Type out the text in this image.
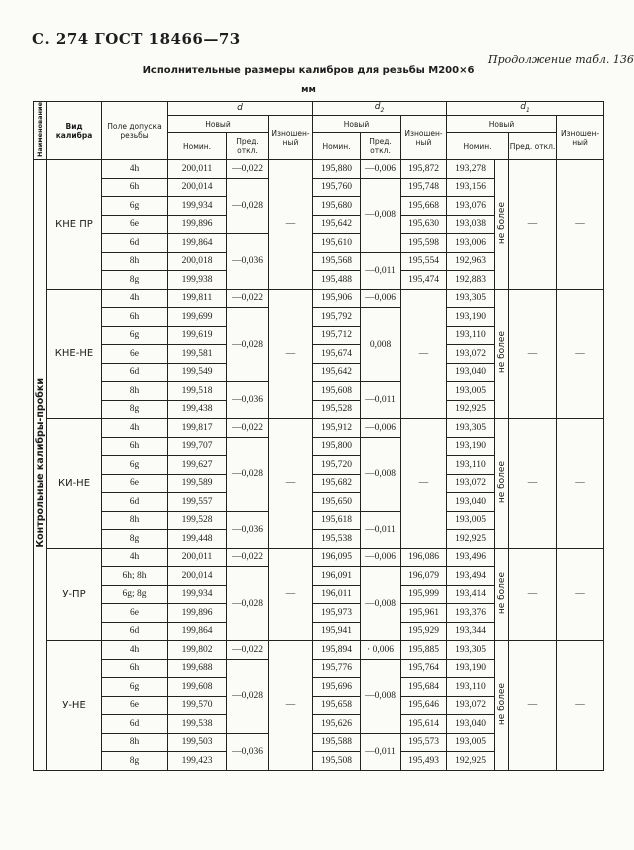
С. 274 ГОСТ 18466—73
Продолжение табл. 136
Исполнительные размеры калибров для резьбы М200×6
мм
Наименование	Вид калибра	Поле допуска резьбы	d			$d_2$			$d_1$
			Новый		Изношен-ный	Новый		Изношен-ный	Новый			Изношен-ный
			Номин.	Пред. откл.		Номин.	Пред. откл.		Номин.		Пред. откл.	
Контрольные калибры-пробки	КНЕ ПР	4h	200,011	—0,022	—	195,880	—0,006	195,872	193,278	не более	—	—
		6h	200,014	—0,028		195,760	—0,008	195,748	193,156			
		6g	199,934			195,680		195,668	193,076			
		6e	199,896			195,642		195,630	193,038			
		6d	199,864	—0,036		195,610		195,598	193,006			
		8h	200,018			195,568	—0,011	195,554	192,963			
		8g	199,938			195,488		195,474	192,883			
	КНЕ-НЕ	4h	199,811	—0,022	—	195,906	—0,006	—	193,305	не более	—	—
		6h	199,699	—0,028		195,792	0,008		193,190			
		6g	199,619			195,712			193,110			
		6e	199,581			195,674			193,072			
		6d	199,549			195,642			193,040			
		8h	199,518	—0,036		195,608	—0,011		193,005			
		8g	199,438			195,528			192,925			
	КИ-НЕ	4h	199,817	—0,022	—	195,912	—0,006	—	193,305	не более	—	—
		6h	199,707	—0,028		195,800	—0,008		193,190			
		6g	199,627			195,720			193,110			
		6e	199,589			195,682			193,072			
		6d	199,557			195,650			193,040			
		8h	199,528	—0,036		195,618	—0,011		193,005			
		8g	199,448			195,538			192,925			
	У-ПР	4h	200,011	—0,022	—	196,095	—0,006	196,086	193,496	не более	—	—
		6h; 8h	200,014	—0,028		196,091	—0,008	196,079	193,494			
		6g; 8g	199,934			196,011		195,999	193,414			
		6e	199,896			195,973		195,961	193,376			
		6d	199,864			195,941		195,929	193,344			
	У-НЕ	4h	199,802	—0,022	—	195,894	· 0,006	195,885	193,305	не более	—	—
		6h	199,688	—0,028		195,776	—0,008	195,764	193,190			
		6g	199,608			195,696		195,684	193,110			
		6e	199,570			195,658		195,646	193,072			
		6d	199,538			195,626		195,614	193,040			
		8h	199,503	—0,036		195,588	—0,011	195,573	193,005			
		8g	199,423			195,508		195,493	192,925			
